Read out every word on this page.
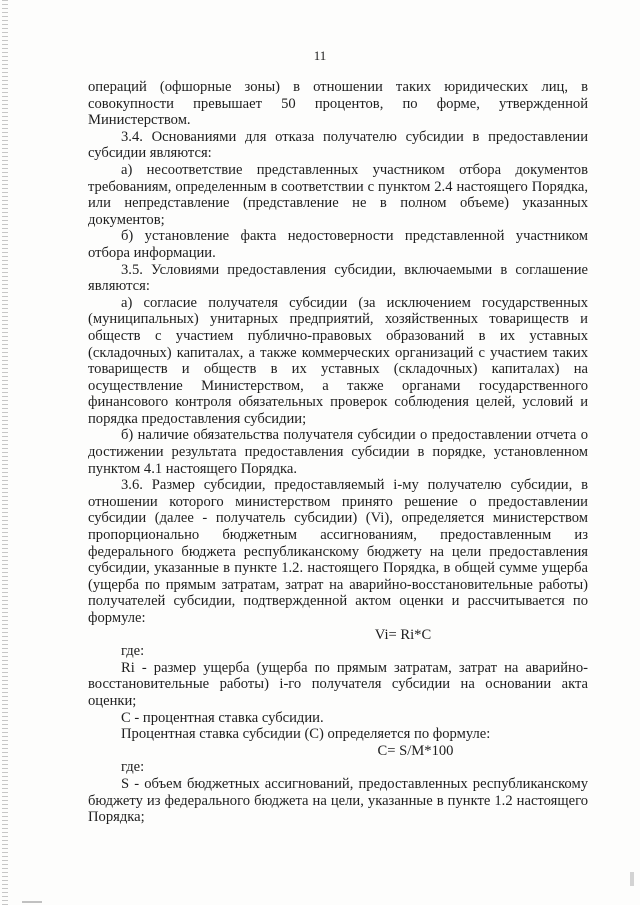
11

операций (офшорные зоны) в отношении таких юридических лиц, в совокупности превышает 50 процентов, по форме, утвержденной Министерством.

3.4. Основаниями для отказа получателю субсидии в предоставлении субсидии являются:

а) несоответствие представленных участником отбора документов требованиям, определенным в соответствии с пунктом 2.4 настоящего Порядка, или непредставление (представление не в полном объеме) указанных документов;

б) установление факта недостоверности представленной участником отбора информации.

3.5. Условиями предоставления субсидии, включаемыми в соглашение являются:

а) согласие получателя субсидии (за исключением государственных (муниципальных) унитарных предприятий, хозяйственных товариществ и обществ с участием публично-правовых образований в их уставных (складочных) капиталах, а также коммерческих организаций с участием таких товариществ и обществ в их уставных (складочных) капиталах) на осуществление Министерством, а также органами государственного финансового контроля обязательных проверок соблюдения целей, условий и порядка предоставления субсидии;

б) наличие обязательства получателя субсидии о предоставлении отчета о достижении результата предоставления субсидии в порядке, установленном пунктом 4.1 настоящего Порядка.

3.6. Размер субсидии, предоставляемый i-му получателю субсидии, в отношении которого министерством принято решение о предоставлении субсидии (далее - получатель субсидии) (Vi), определяется министерством пропорционально бюджетным ассигнованиям, предоставленным из федерального бюджета республиканскому бюджету на цели предоставления субсидии, указанные в пункте 1.2. настоящего Порядка, в общей сумме ущерба (ущерба по прямым затратам, затрат на аварийно-восстановительные работы) получателей субсидии, подтвержденной актом оценки и рассчитывается по формуле:

Vi= Ri*C

где:

Ri - размер ущерба (ущерба по прямым затратам, затрат на аварийно-восстановительные работы) i-го получателя субсидии на основании акта оценки;

С - процентная ставка субсидии.

Процентная ставка субсидии (С) определяется по формуле:

С= S/M*100

где:

S - объем бюджетных ассигнований, предоставленных республиканскому бюджету из федерального бюджета на цели, указанные в пункте 1.2 настоящего Порядка;
